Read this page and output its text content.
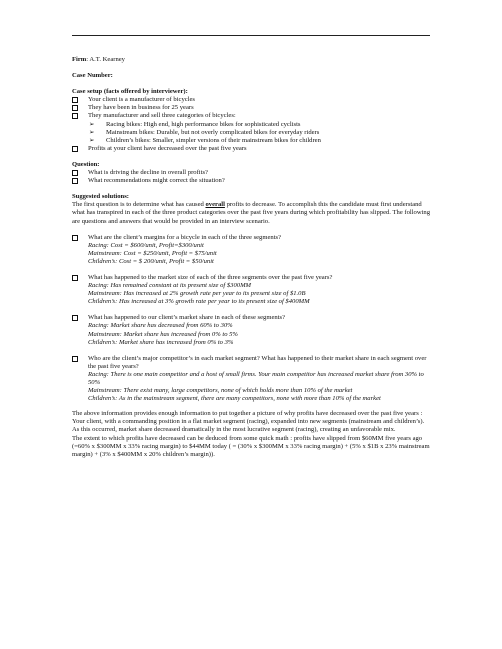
Firm: A.T. Kearney

Case Number:

Case setup (facts offered by interviewer):

Your client is a manufacturer of bicycles
They have been in business for 25 years
They manufacturer and sell three categories of bicycles:
➢ Racing bikes: High end, high performance bikes for sophisticated cyclists
➢ Mainstream bikes: Durable, but not overly complicated bikes for everyday riders
➢ Children’s bikes: Smaller, simpler versions of their mainstream bikes for children
Profits at your client have decreased over the past five years

Question:

What is driving the decline in overall profits?
What recommendations might correct the situation?

Suggested solutions:

The first question is to determine what has caused overall profits to decrease. To accomplish this the candidate must first understand what has transpired in each of the three product categories over the past five years during which profitability has slipped. The following are questions and answers that would be provided in an interview scenario.

What are the client’s margins for a bicycle in each of the three segments?
Racing: Cost = $600/unit, Profit=$300/unit
Mainstream: Cost = $250/unit, Profit = $75/unit
Children’s: Cost = $ 200/unit, Profit = $50/unit
What has happened to the market size of each of the three segments over the past five years?
Racing: Has remained constant at its present size of $300MM
Mainstream: Has increased at 2% growth rate per year to its present size of $1.0B
Children’s: Has increased at 3% growth rate per year to its present size of $400MM
What has happened to our client’s market share in each of these segments?
Racing: Market share has decreased from 60% to 30%
Mainstream: Market share has increased from 0% to 5%
Children’s: Market share has increased from 0% to 3%
Who are the client’s major competitor’s in each market segment? What has happened to their market share in each segment over the past five years?
Racing: There is one main competitor and a host of small firms. Your main competitor has increased market share from 30% to 50%
Mainstream: There exist many, large competitors, none of which holds more than 10% of the market
Children’s: As in the mainstream segment, there are many competitors, none with more than 10% of the market

The above information provides enough information to put together a picture of why profits have decreased over the past five years : Your client, with a commanding position in a flat market segment (racing), expanded into new segments (mainstream and children’s). As this occurred, market share decreased dramatically in the most lucrative segment (racing), creating an unfavorable mix.

The extent to which profits have decreased can be deduced from some quick math : profits have slipped from $60MM five years ago (=60% x $300MM x 33% racing margin) to $44MM today ( = (30% x $300MM x 33% racing margin) + (5% x $1B x 23% mainstream margin) + (3% x $400MM x 20% children’s margin)).
